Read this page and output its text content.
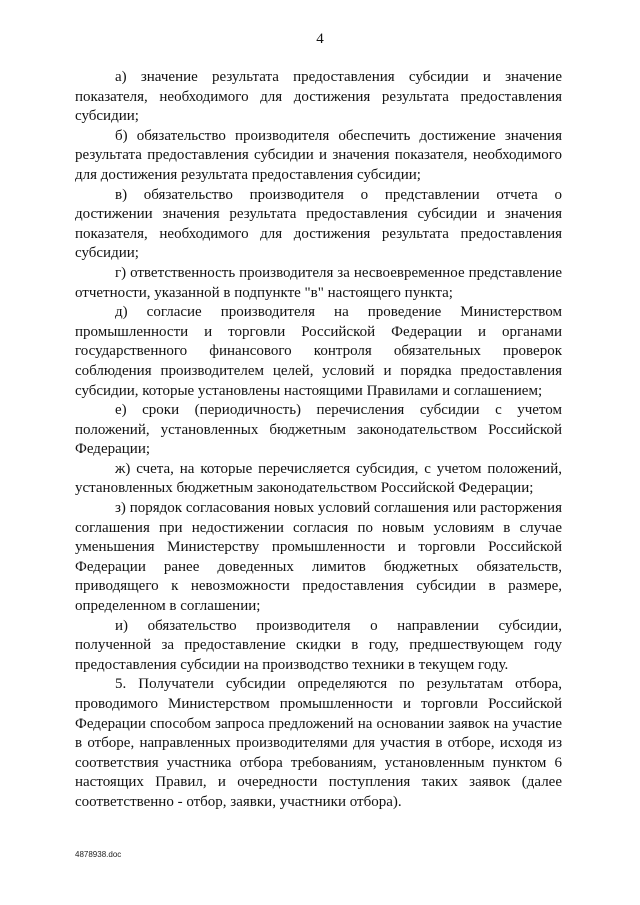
4

а) значение результата предоставления субсидии и значение показателя, необходимого для достижения результата предоставления субсидии;

б) обязательство производителя обеспечить достижение значения результата предоставления субсидии и значения показателя, необходимого для достижения результата предоставления субсидии;

в) обязательство производителя о представлении отчета о достижении значения результата предоставления субсидии и значения показателя, необходимого для достижения результата предоставления субсидии;

г) ответственность производителя за несвоевременное представление отчетности, указанной в подпункте "в" настоящего пункта;

д) согласие производителя на проведение Министерством промышленности и торговли Российской Федерации и органами государственного финансового контроля обязательных проверок соблюдения производителем целей, условий и порядка предоставления субсидии, которые установлены настоящими Правилами и соглашением;

е) сроки (периодичность) перечисления субсидии с учетом положений, установленных бюджетным законодательством Российской Федерации;

ж) счета, на которые перечисляется субсидия, с учетом положений, установленных бюджетным законодательством Российской Федерации;

з) порядок согласования новых условий соглашения или расторжения соглашения при недостижении согласия по новым условиям в случае уменьшения Министерству промышленности и торговли Российской Федерации ранее доведенных лимитов бюджетных обязательств, приводящего к невозможности предоставления субсидии в размере, определенном в соглашении;

и) обязательство производителя о направлении субсидии, полученной за предоставление скидки в году, предшествующем году предоставления субсидии на производство техники в текущем году.

5. Получатели субсидии определяются по результатам отбора, проводимого Министерством промышленности и торговли Российской Федерации способом запроса предложений на основании заявок на участие в отборе, направленных производителями для участия в отборе, исходя из соответствия участника отбора требованиям, установленным пунктом 6 настоящих Правил, и очередности поступления таких заявок (далее соответственно - отбор, заявки, участники отбора).

4878938.doc
